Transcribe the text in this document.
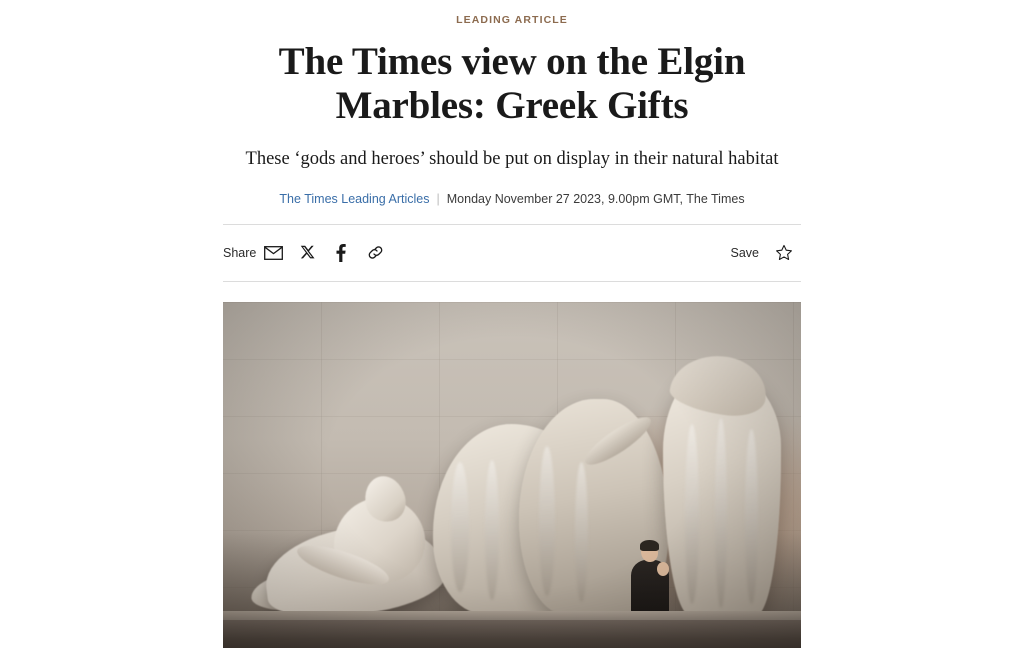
LEADING ARTICLE
The Times view on the Elgin Marbles: Greek Gifts
These ‘gods and heroes’ should be put on display in their natural habitat
The Times Leading Articles | Monday November 27 2023, 9.00pm GMT, The Times
Share	Save
